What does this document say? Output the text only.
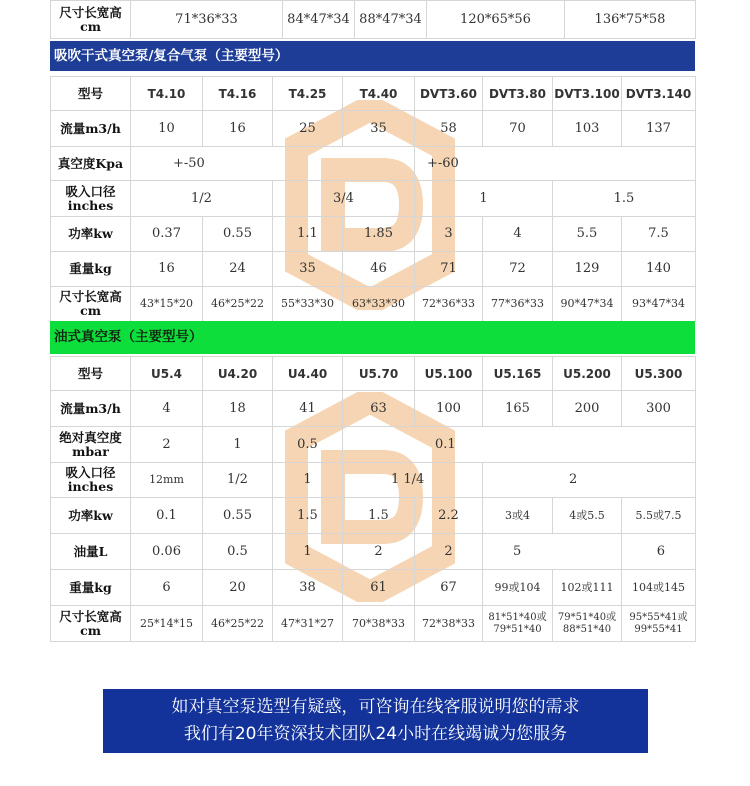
尺寸长宽高cm	71*36*33	84*47*34	88*47*34	120*65*56	136*75*58
吸吹干式真空泵/复合气泵（主要型号）
型号	T4.10	T4.16	T4.25	T4.40	DVT3.60	DVT3.80	DVT3.100	DVT3.140
流量m3/h	10	16	25	35	58	70	103	137
真空度Kpa	+-50				+-60			
吸入口径inches	1/2		3/4		1		1.5	
功率kw	0.37	0.55	1.1	1.85	3	4	5.5	7.5
重量kg	16	24	35	46	71	72	129	140
尺寸长宽高cm	43*15*20	46*25*22	55*33*30	63*33*30	72*36*33	77*36*33	90*47*34	93*47*34
油式真空泵（主要型号）
型号	U5.4	U4.20	U4.40	U5.70	U5.100	U5.165	U5.200	U5.300
流量m3/h	4	18	41	63	100	165	200	300
绝对真空度mbar	2	1	0.5	0.1				
吸入口径inches	12mm	1/2	1	1 1/4		2		
功率kw	0.1	0.55	1.5	1.5	2.2	3或4	4或5.5	5.5或7.5
油量L	0.06	0.5	1	2	2	5		6
重量kg	6	20	38	61	67	99或104	102或111	104或145
尺寸长宽高cm	25*14*15	46*25*22	47*31*27	70*38*33	72*38*33	81*51*40或79*51*40	79*51*40或88*51*40	95*55*41或99*55*41
如对真空泵选型有疑惑，可咨询在线客服说明您的需求
我们有20年资深技术团队24小时在线竭诚为您服务
